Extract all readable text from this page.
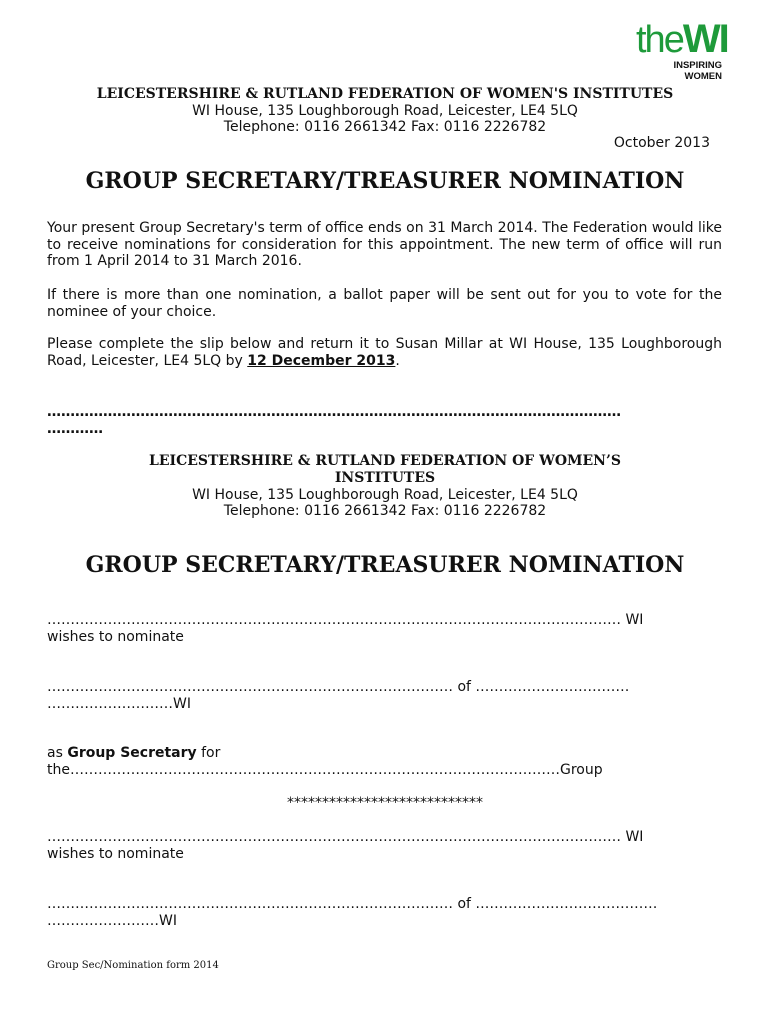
theWI
INSPIRING WOMEN
LEICESTERSHIRE & RUTLAND FEDERATION OF WOMEN'S INSTITUTES
WI House, 135 Loughborough Road, Leicester, LE4 5LQ
Telephone: 0116 2661342 Fax: 0116 2226782
October 2013
GROUP SECRETARY/TREASURER NOMINATION
Your present Group Secretary's term of office ends on 31 March 2014. The Federation would like to receive nominations for consideration for this appointment. The new term of office will run from 1 April 2014 to 31 March 2016.
If there is more than one nomination, a ballot paper will be sent out for you to vote for the nominee of your choice.
Please complete the slip below and return it to Susan Millar at WI House, 135 Loughborough Road, Leicester, LE4 5LQ by 12 December 2013.
……………………………………………………………………………………………………………
…………
LEICESTERSHIRE & RUTLAND FEDERATION OF WOMEN’S
INSTITUTES
WI House, 135 Loughborough Road, Leicester, LE4 5LQ
Telephone: 0116 2661342 Fax: 0116 2226782
GROUP SECRETARY/TREASURER NOMINATION
…………………………………………………………………………………………………………… WI
wishes to nominate
…………………………………………………………………………… of ……………………………
………………………WI
as Group Secretary for
the……………………………………………………………………………………………Group
****************************
…………………………………………………………………………………………………………… WI
wishes to nominate
…………………………………………………………………………… of …………………………………
……………………WI
Group Sec/Nomination form 2014
